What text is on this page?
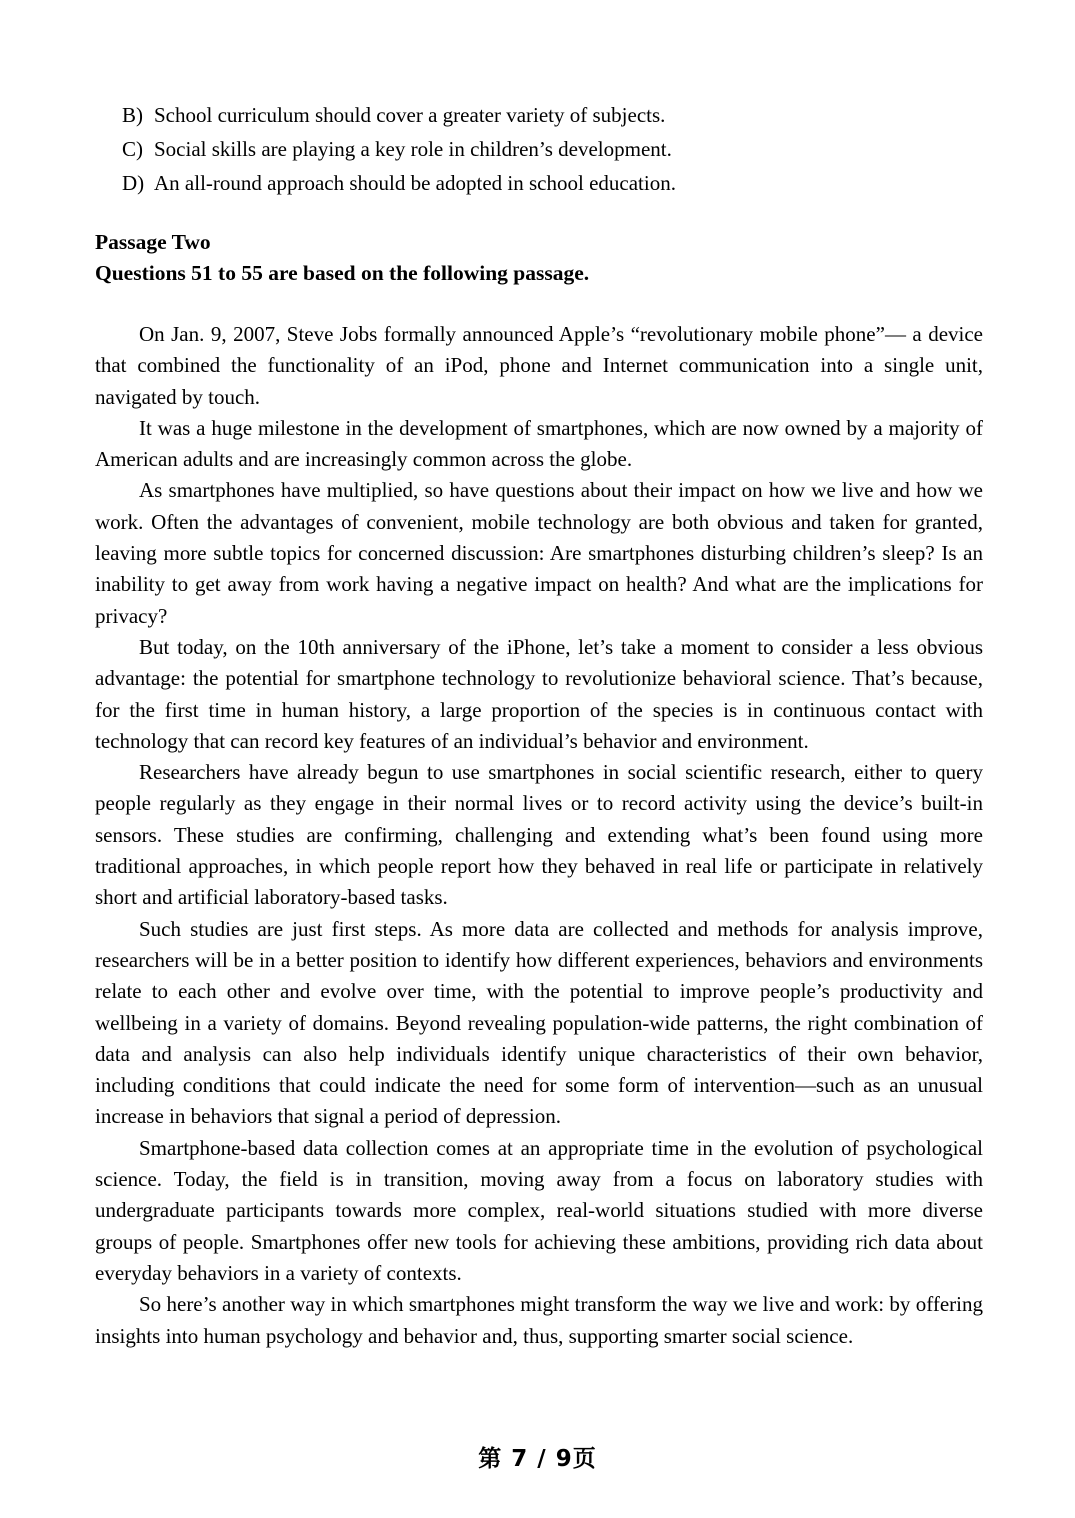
B) School curriculum should cover a greater variety of subjects.
C) Social skills are playing a key role in children’s development.
D) An all-round approach should be adopted in school education.
Passage Two
Questions 51 to 55 are based on the following passage.

On Jan. 9, 2007, Steve Jobs formally announced Apple’s “revolutionary mobile phone”— a device that combined the functionality of an iPod, phone and Internet communication into a single unit, navigated by touch.

It was a huge milestone in the development of smartphones, which are now owned by a majority of American adults and are increasingly common across the globe.

As smartphones have multiplied, so have questions about their impact on how we live and how we work. Often the advantages of convenient, mobile technology are both obvious and taken for granted, leaving more subtle topics for concerned discussion: Are smartphones disturbing children’s sleep? Is an inability to get away from work having a negative impact on health? And what are the implications for privacy?

But today, on the 10th anniversary of the iPhone, let’s take a moment to consider a less obvious advantage: the potential for smartphone technology to revolutionize behavioral science. That’s because, for the first time in human history, a large proportion of the species is in continuous contact with technology that can record key features of an individual’s behavior and environment.

Researchers have already begun to use smartphones in social scientific research, either to query people regularly as they engage in their normal lives or to record activity using the device’s built-in sensors. These studies are confirming, challenging and extending what’s been found using more traditional approaches, in which people report how they behaved in real life or participate in relatively short and artificial laboratory-based tasks.

Such studies are just first steps. As more data are collected and methods for analysis improve, researchers will be in a better position to identify how different experiences, behaviors and environments relate to each other and evolve over time, with the potential to improve people’s productivity and wellbeing in a variety of domains. Beyond revealing population-wide patterns, the right combination of data and analysis can also help individuals identify unique characteristics of their own behavior, including conditions that could indicate the need for some form of intervention—such as an unusual increase in behaviors that signal a period of depression.

Smartphone-based data collection comes at an appropriate time in the evolution of psychological science. Today, the field is in transition, moving away from a focus on laboratory studies with undergraduate participants towards more complex, real-world situations studied with more diverse groups of people. Smartphones offer new tools for achieving these ambitions, providing rich data about everyday behaviors in a variety of contexts.

So here’s another way in which smartphones might transform the way we live and work: by offering insights into human psychology and behavior and, thus, supporting smarter social science.

第 7 / 9页
